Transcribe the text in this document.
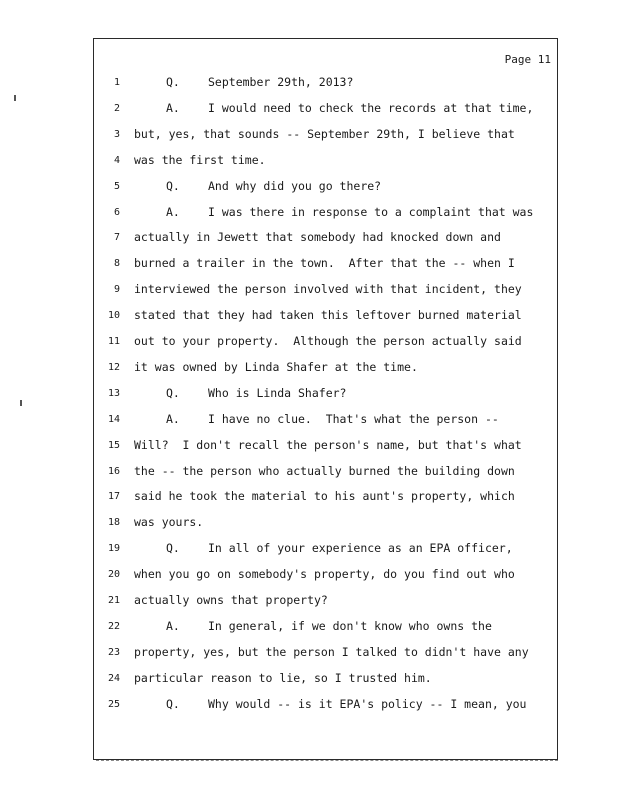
Page 11
1	Q. September 29th, 2013?
2	A. I would need to check the records at that time,
3 but, yes, that sounds -- September 29th, I believe that
4 was the first time.
5	Q. And why did you go there?
6	A. I was there in response to a complaint that was
7 actually in Jewett that somebody had knocked down and
8 burned a trailer in the town.  After that the -- when I
9 interviewed the person involved with that incident, they
10 stated that they had taken this leftover burned material
11 out to your property.  Although the person actually said
12 it was owned by Linda Shafer at the time.
13	Q. Who is Linda Shafer?
14	A. I have no clue.  That's what the person --
15 Will?  I don't recall the person's name, but that's what
16 the -- the person who actually burned the building down
17 said he took the material to his aunt's property, which
18 was yours.
19	Q. In all of your experience as an EPA officer,
20 when you go on somebody's property, do you find out who
21 actually owns that property?
22	A. In general, if we don't know who owns the
23 property, yes, but the person I talked to didn't have any
24 particular reason to lie, so I trusted him.
25	Q. Why would -- is it EPA's policy -- I mean, you
